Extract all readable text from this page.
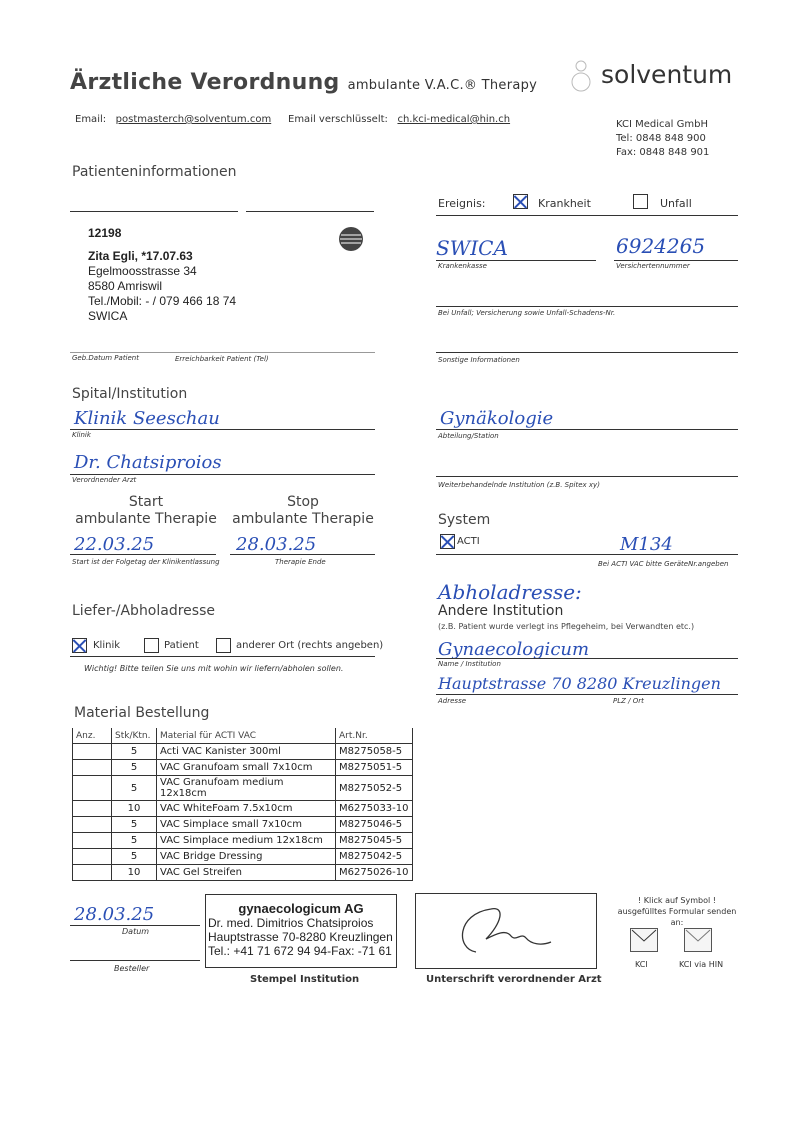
Ärztliche Verordnung ambulante V.A.C.® Therapy	solventum
Email: postmasterch@solventum.com Email verschlüsselt: ch.kci-medical@hin.ch	KCI Medical GmbH
Tel: 0848 848 900
Fax: 0848 848 901
Patienteninformationen
12198
Zita Egli, *17.07.63
Egelmoosstrasse 34
8580 Amriswil
Tel./Mobil: - / 079 466 18 74
SWICA
Geb.Datum Patient	Erreichbarkeit Patient (Tel)
Ereignis:	Krankheit	Unfall
SWICA
Krankenkasse
6924265
Versichertennummer
Bei Unfall; Versicherung sowie Unfall-Schadens-Nr.
Sonstige Informationen
Spital/Institution
Klinik Seeschau
Klinik
Gynäkologie
Abteilung/Station
Dr. Chatsiproios
Verordnender Arzt
Weiterbehandelnde Institution (z.B. Spitex xy)
Start
ambulante Therapie
Stop
ambulante Therapie
22.03.25
Start ist der Folgetag der Klinikentlassung
28.03.25
Therapie Ende
System
ACTI	M134
Bei ACTI VAC bitte GeräteNr.angeben
Liefer-/Abholadresse
Klinik	Patient	anderer Ort (rechts angeben)
Wichtig! Bitte teilen Sie uns mit wohin wir liefern/abholen sollen.
Abholadresse:
Andere Institution
(z.B. Patient wurde verlegt ins Pflegeheim, bei Verwandten etc.)
Gynaecologicum
Name / Institution
Hauptstrasse 70 8280 Kreuzlingen
Adresse	PLZ / Ort
Material Bestellung
Anz.	Stk/Ktn.	Material für ACTI VAC	Art.Nr.
	5	Acti VAC Kanister 300ml	M8275058-5
	5	VAC Granufoam small 7x10cm	M8275051-5
	5	VAC Granufoam medium 12x18cm	M8275052-5
	10	VAC WhiteFoam 7.5x10cm	M6275033-10
	5	VAC Simplace small 7x10cm	M8275046-5
	5	VAC Simplace medium 12x18cm	M8275045-5
	5	VAC Bridge Dressing	M8275042-5
	10	VAC Gel Streifen	M6275026-10
28.03.25
Datum
Besteller
gynaecologicum AG
Dr. med. Dimitrios Chatsiproios
Hauptstrasse 70-8280 Kreuzlingen
Tel.: +41 71 672 94 94-Fax: -71 61
Stempel Institution	Unterschrift verordnender Arzt
! Klick auf Symbol !
ausgefülltes Formular senden an:
KCI	KCI via HIN
